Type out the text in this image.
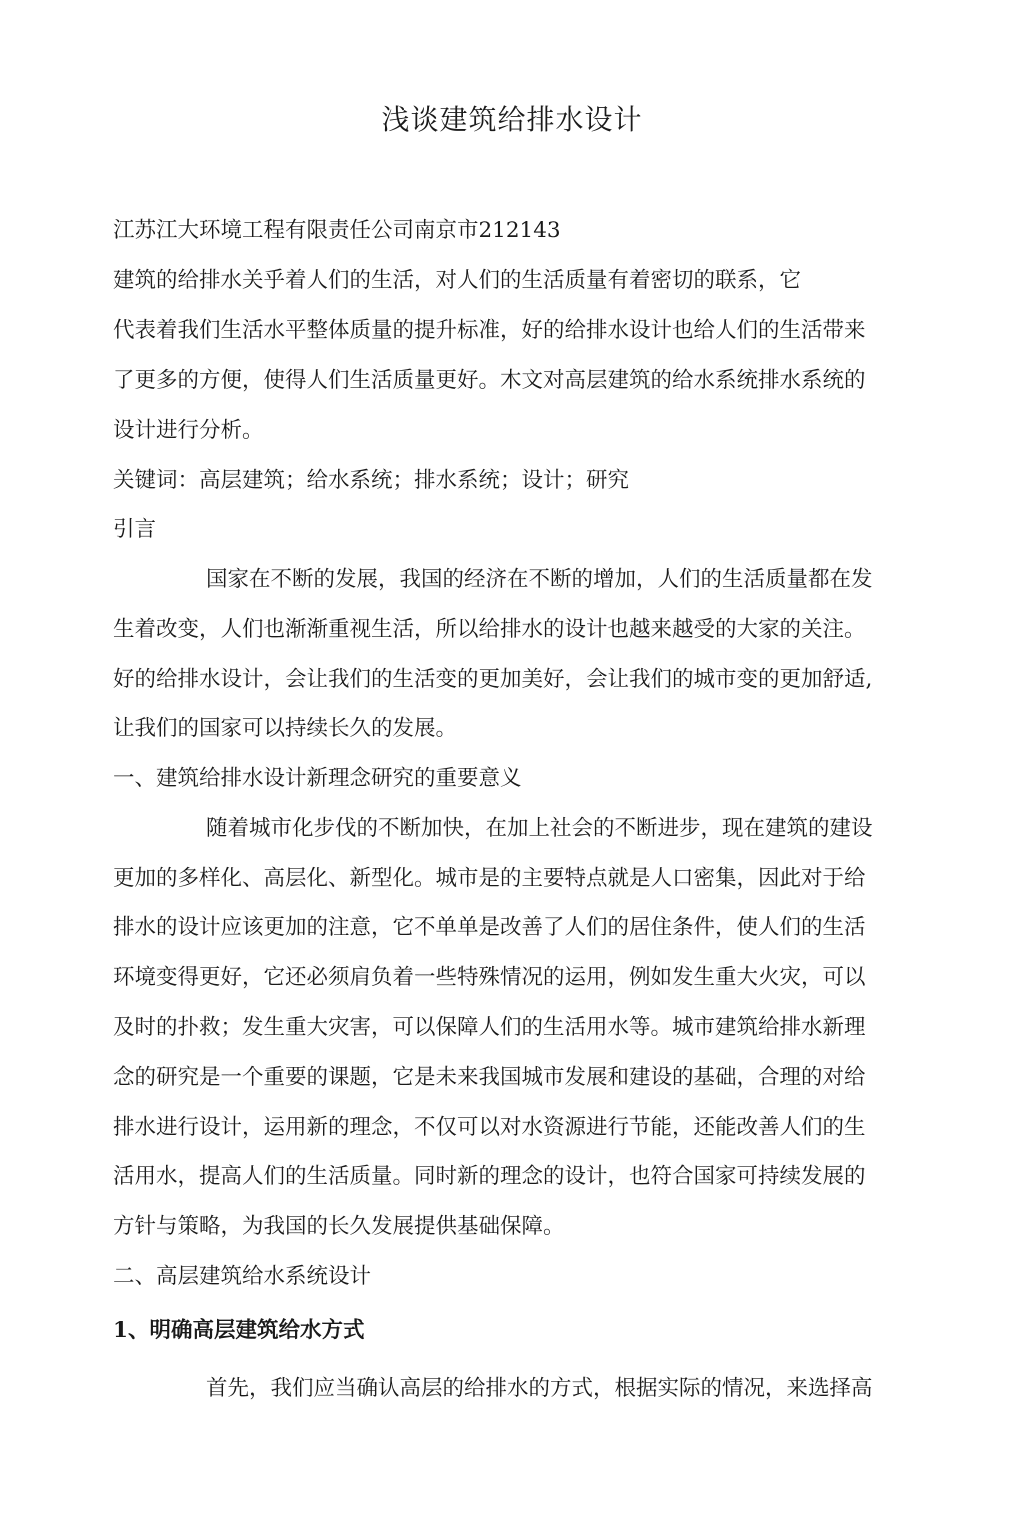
浅谈建筑给排水设计

江苏江大环境工程有限责任公司南京市212143

建筑的给排水关乎着人们的生活，对人们的生活质量有着密切的联系，它

代表着我们生活水平整体质量的提升标准，好的给排水设计也给人们的生活带来

了更多的方便，使得人们生活质量更好。木文对高层建筑的给水系统排水系统的

设计进行分析。

关键词：高层建筑；给水系统；排水系统；设计；研究

引言

国家在不断的发展，我国的经济在不断的增加，人们的生活质量都在发

生着改变，人们也渐渐重视生活，所以给排水的设计也越来越受的大家的关注。

好的给排水设计，会让我们的生活变的更加美好，会让我们的城市变的更加舒适,

让我们的国家可以持续长久的发展。

一、建筑给排水设计新理念研究的重要意义

随着城市化步伐的不断加快，在加上社会的不断进步，现在建筑的建设

更加的多样化、高层化、新型化。城市是的主要特点就是人口密集，因此对于给

排水的设计应该更加的注意，它不单单是改善了人们的居住条件，使人们的生活

环境变得更好，它还必须肩负着一些特殊情况的运用，例如发生重大火灾，可以

及时的扑救；发生重大灾害，可以保障人们的生活用水等。城市建筑给排水新理

念的研究是一个重要的课题，它是未来我国城市发展和建设的基础，合理的对给

排水进行设计，运用新的理念，不仅可以对水资源进行节能，还能改善人们的生

活用水，提高人们的生活质量。同时新的理念的设计，也符合国家可持续发展的

方针与策略，为我国的长久发展提供基础保障。

二、高层建筑给水系统设计

1、明确高层建筑给水方式

首先，我们应当确认高层的给排水的方式，根据实际的情况，来选择高
